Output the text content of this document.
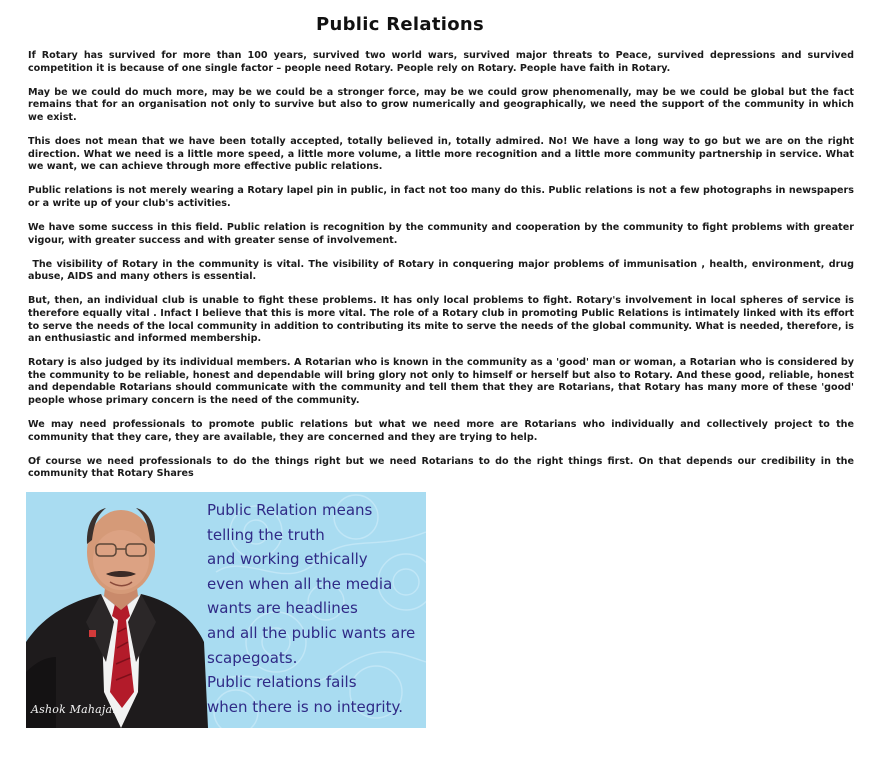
Public Relations

If Rotary has survived for more than 100 years, survived two world wars, survived major threats to Peace, survived depressions and survived competition it is because of one single factor – people need Rotary. People rely on Rotary. People have faith in Rotary.

May be we could do much more, may be we could be a stronger force, may be we could grow phenomenally, may be we could be global but the fact remains that for an organisation not only to survive but also to grow numerically and geographically, we need the support of the community in which we exist.

This does not mean that we have been totally accepted, totally believed in, totally admired. No! We have a long way to go but we are on the right direction. What we need is a little more speed, a little more volume, a little more recognition and a little more community partnership in service. What we want, we can achieve through more effective public relations.

Public relations is not merely wearing a Rotary lapel pin in public, in fact not too many do this. Public relations is not a few photographs in newspapers or a write up of your club's activities.

We have some success in this field. Public relation is recognition by the community and cooperation by the community to fight problems with greater vigour, with greater success and with greater sense of involvement.

The visibility of Rotary in the community is vital. The visibility of Rotary in conquering major problems of immunisation , health, environment, drug abuse, AIDS and many others is essential.

But, then, an individual club is unable to fight these problems. It has only local problems to fight. Rotary's involvement in local spheres of service is therefore equally vital . Infact I believe that this is more vital. The role of a Rotary club in promoting Public Relations is intimately linked with its effort to serve the needs of the local community in addition to contributing its mite to serve the needs of the global community. What is needed, therefore, is an enthusiastic and informed membership.

Rotary is also judged by its individual members. A Rotarian who is known in the community as a 'good' man or woman, a Rotarian who is considered by the community to be reliable, honest and dependable will bring glory not only to himself or herself but also to Rotary. And these good, reliable, honest and dependable Rotarians should communicate with the community and tell them that they are Rotarians, that Rotary has many more of these 'good' people whose primary concern is the need of the community.

We may need professionals to promote public relations but what we need more are Rotarians who individually and collectively project to the community that they care, they are available, they are concerned and they are trying to help.

Of course we need professionals to do the things right but we need Rotarians to do the right things first. On that depends our credibility in the community that Rotary Shares

Ashok Mahajan
Public Relation means
telling the truth
and working ethically
even when all the media
wants are headlines
and all the public wants are
scapegoats.
Public relations fails
when there is no integrity.
